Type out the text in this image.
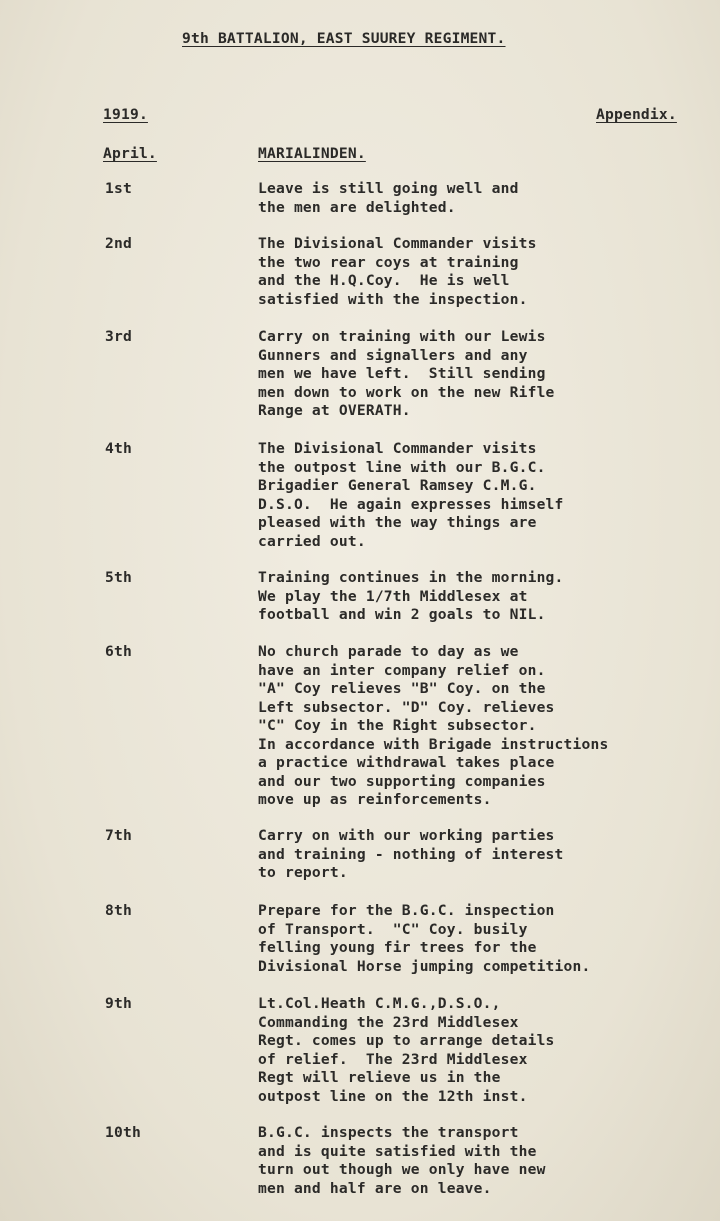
9th BATTALION, EAST SUUREY REGIMENT.
1919.	Appendix.
April.	MARIALINDEN.
1st	Leave is still going well and
the men are delighted.
2nd	The Divisional Commander visits
the two rear coys at training
and the H.Q.Coy.  He is well
satisfied with the inspection.
3rd	Carry on training with our Lewis
Gunners and signallers and any
men we have left.  Still sending
men down to work on the new Rifle
Range at OVERATH.
4th	The Divisional Commander visits
the outpost line with our B.G.C.
Brigadier General Ramsey C.M.G.
D.S.O.  He again expresses himself
pleased with the way things are
carried out.
5th	Training continues in the morning.
We play the 1/7th Middlesex at
football and win 2 goals to NIL.
6th	No church parade to day as we
have an inter company relief on.
"A" Coy relieves "B" Coy. on the
Left subsector. "D" Coy. relieves
"C" Coy in the Right subsector.
In accordance with Brigade instructions
a practice withdrawal takes place
and our two supporting companies
move up as reinforcements.
7th	Carry on with our working parties
and training - nothing of interest
to report.
8th	Prepare for the B.G.C. inspection
of Transport.  "C" Coy. busily
felling young fir trees for the
Divisional Horse jumping competition.
9th	Lt.Col.Heath C.M.G.,D.S.O.,
Commanding the 23rd Middlesex
Regt. comes up to arrange details
of relief.  The 23rd Middlesex
Regt will relieve us in the
outpost line on the 12th inst.
10th	B.G.C. inspects the transport
and is quite satisfied with the
turn out though we only have new
men and half are on leave.
